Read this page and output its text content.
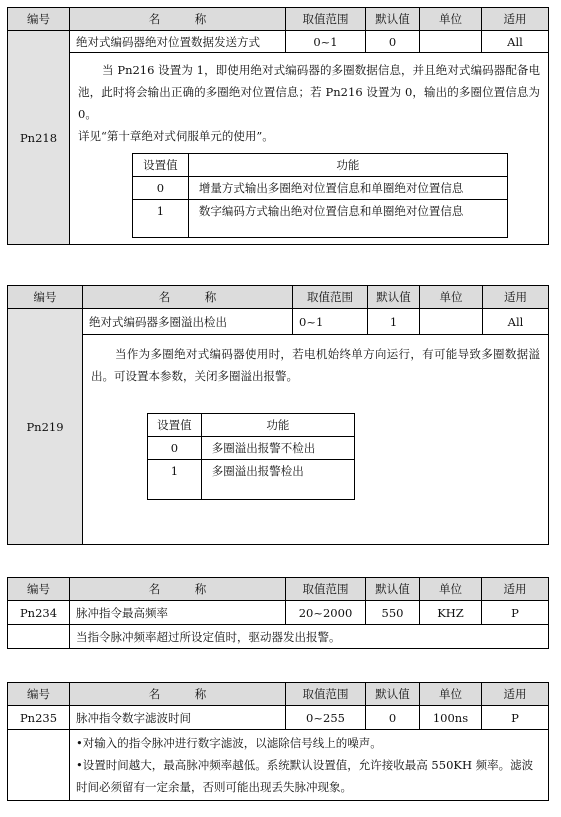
编号	名   	称	取值范围	默认值	单位	适用
Pn218	绝对式编码器绝对位置数据发送方式	0~1	0		All

当 Pn216 设置为 1，即使用绝对式编码器的多圈数据信息，并且绝对式编码器配备电池，此时将会输出正确的多圈绝对位置信息；若 Pn216 设置为 0，输出的多圈位置信息为 0。

详见“第十章绝对式伺服单元的使用”。

设置值	功能
0	增量方式输出多圈绝对位置信息和单圈绝对位置信息
1	数字编码方式输出绝对位置信息和单圈绝对位置信息
编号	名   	称	取值范围	默认值	单位	适用
Pn219	绝对式编码器多圈溢出检出	0~1	1		All

当作为多圈绝对式编码器使用时，若电机始终单方向运行，有可能导致多圈数据溢出。可设置本参数，关闭多圈溢出报警。

设置值	功能
0	多圈溢出报警不检出
1	多圈溢出报警检出
编号	名    称	取值范围	默认值	单位	适用
Pn234	脉冲指令最高频率	20~2000	550	KHZ	P
	当指令脉冲频率超过所设定值时，驱动器发出报警。				
编号	名    称	取值范围	默认值	单位	适用
Pn235	脉冲指令数字滤波时间	0~255	0	100ns	P

	•对输入的指令脉冲进行数字滤波，以滤除信号线上的噪声。

•设置时间越大，最高脉冲频率越低。系统默认设置值，允许接收最高 550KH 频率。滤波时间必须留有一定余量，否则可能出现丢失脉冲现象。				
